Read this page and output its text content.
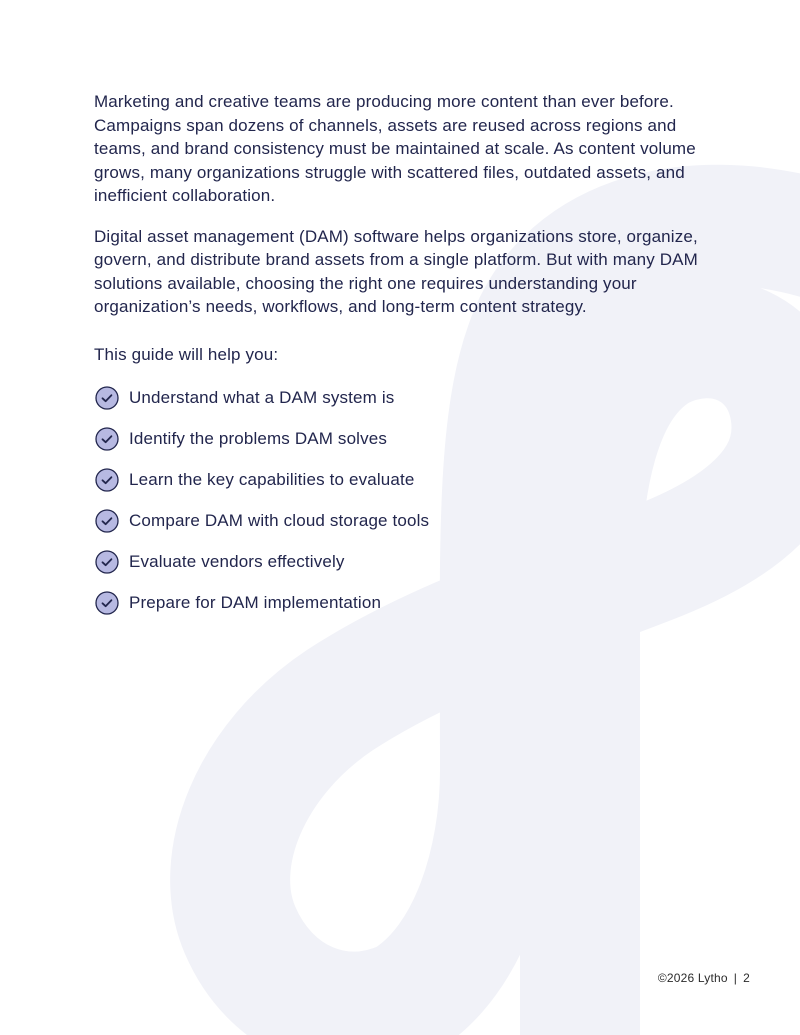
Marketing and creative teams are producing more content than ever before. Campaigns span dozens of channels, assets are reused across regions and teams, and brand consistency must be maintained at scale. As content volume grows, many organizations struggle with scattered files, outdated assets, and inefficient collaboration.

Digital asset management (DAM) software helps organizations store, organize, govern, and distribute brand assets from a single platform. But with many DAM solutions available, choosing the right one requires understanding your organization’s needs, workflows, and long-term content strategy.

This guide will help you:

Understand what a DAM system is
Identify the problems DAM solves
Learn the key capabilities to evaluate
Compare DAM with cloud storage tools
Evaluate vendors effectively
Prepare for DAM implementation
©2026 Lytho | 2
